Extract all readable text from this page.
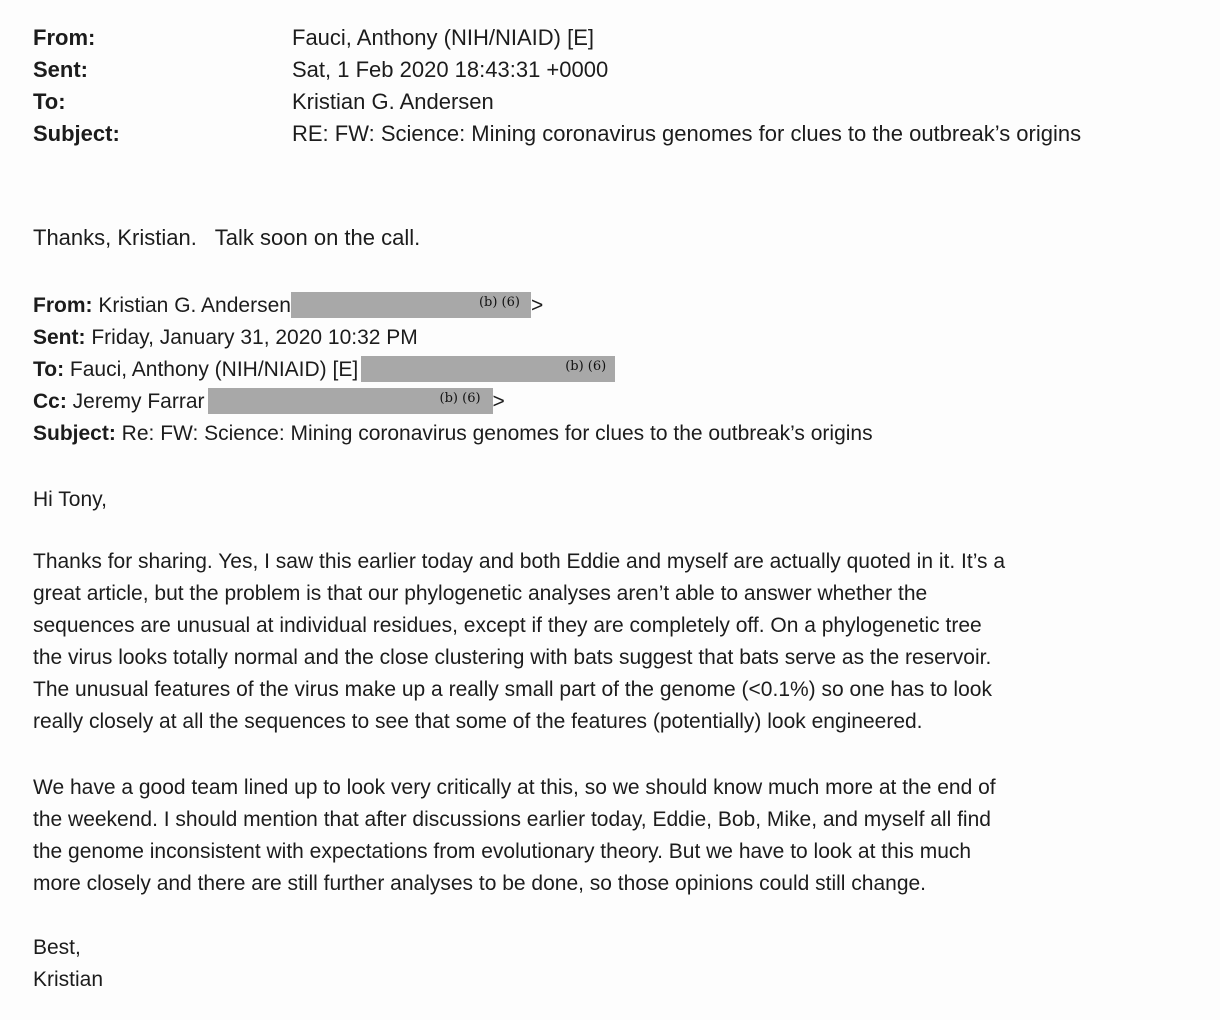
From:	Fauci, Anthony (NIH/NIAID) [E]
Sent:	Sat, 1 Feb 2020 18:43:31 +0000
To:	Kristian G. Andersen
Subject:	RE: FW: Science: Mining coronavirus genomes for clues to the outbreak’s origins
Thanks, Kristian.   Talk soon on the call.
From: Kristian G. Andersen	(b) (6) >
Sent: Friday, January 31, 2020 10:32 PM
To: Fauci, Anthony (NIH/NIAID) [E]	(b) (6)
Cc: Jeremy Farrar	(b) (6) >
Subject: Re: FW: Science: Mining coronavirus genomes for clues to the outbreak’s origins
Hi Tony,
Thanks for sharing. Yes, I saw this earlier today and both Eddie and myself are actually quoted in it. It’s a
great article, but the problem is that our phylogenetic analyses aren’t able to answer whether the
sequences are unusual at individual residues, except if they are completely off. On a phylogenetic tree
the virus looks totally normal and the close clustering with bats suggest that bats serve as the reservoir.
The unusual features of the virus make up a really small part of the genome (<0.1%) so one has to look
really closely at all the sequences to see that some of the features (potentially) look engineered.
We have a good team lined up to look very critically at this, so we should know much more at the end of
the weekend. I should mention that after discussions earlier today, Eddie, Bob, Mike, and myself all find
the genome inconsistent with expectations from evolutionary theory. But we have to look at this much
more closely and there are still further analyses to be done, so those opinions could still change.
Best,
Kristian
